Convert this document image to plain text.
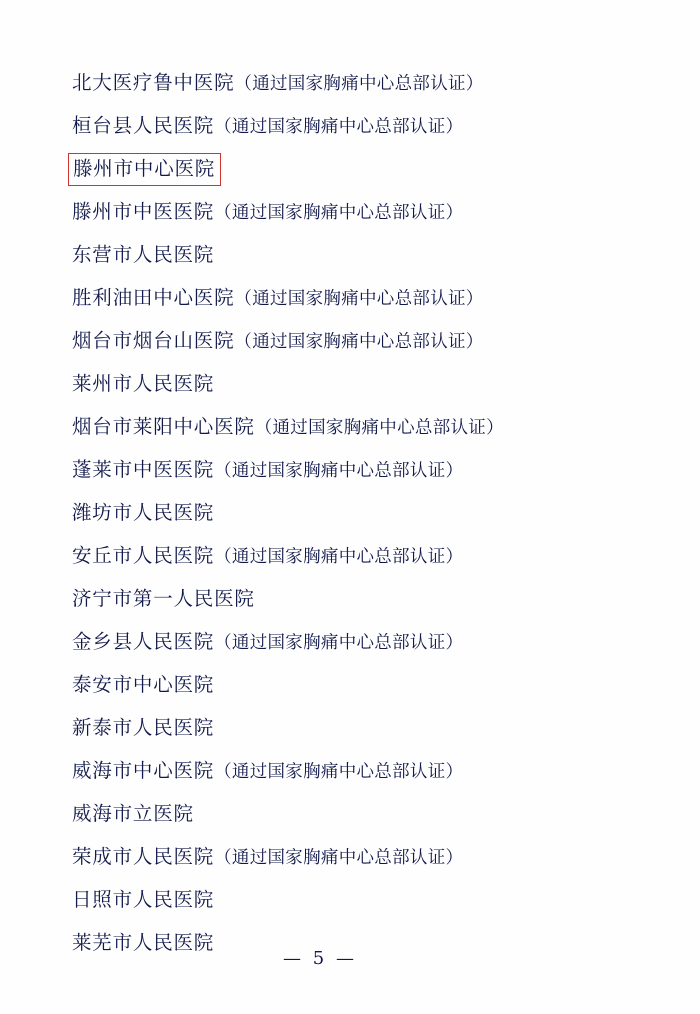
北大医疗鲁中医院（通过国家胸痛中心总部认证）
桓台县人民医院（通过国家胸痛中心总部认证）
滕州市中心医院
滕州市中医医院（通过国家胸痛中心总部认证）
东营市人民医院
胜利油田中心医院（通过国家胸痛中心总部认证）
烟台市烟台山医院（通过国家胸痛中心总部认证）
莱州市人民医院
烟台市莱阳中心医院（通过国家胸痛中心总部认证）
蓬莱市中医医院（通过国家胸痛中心总部认证）
潍坊市人民医院
安丘市人民医院（通过国家胸痛中心总部认证）
济宁市第一人民医院
金乡县人民医院（通过国家胸痛中心总部认证）
泰安市中心医院
新泰市人民医院
威海市中心医院（通过国家胸痛中心总部认证）
威海市立医院
荣成市人民医院（通过国家胸痛中心总部认证）
日照市人民医院
莱芜市人民医院
— 5 —
